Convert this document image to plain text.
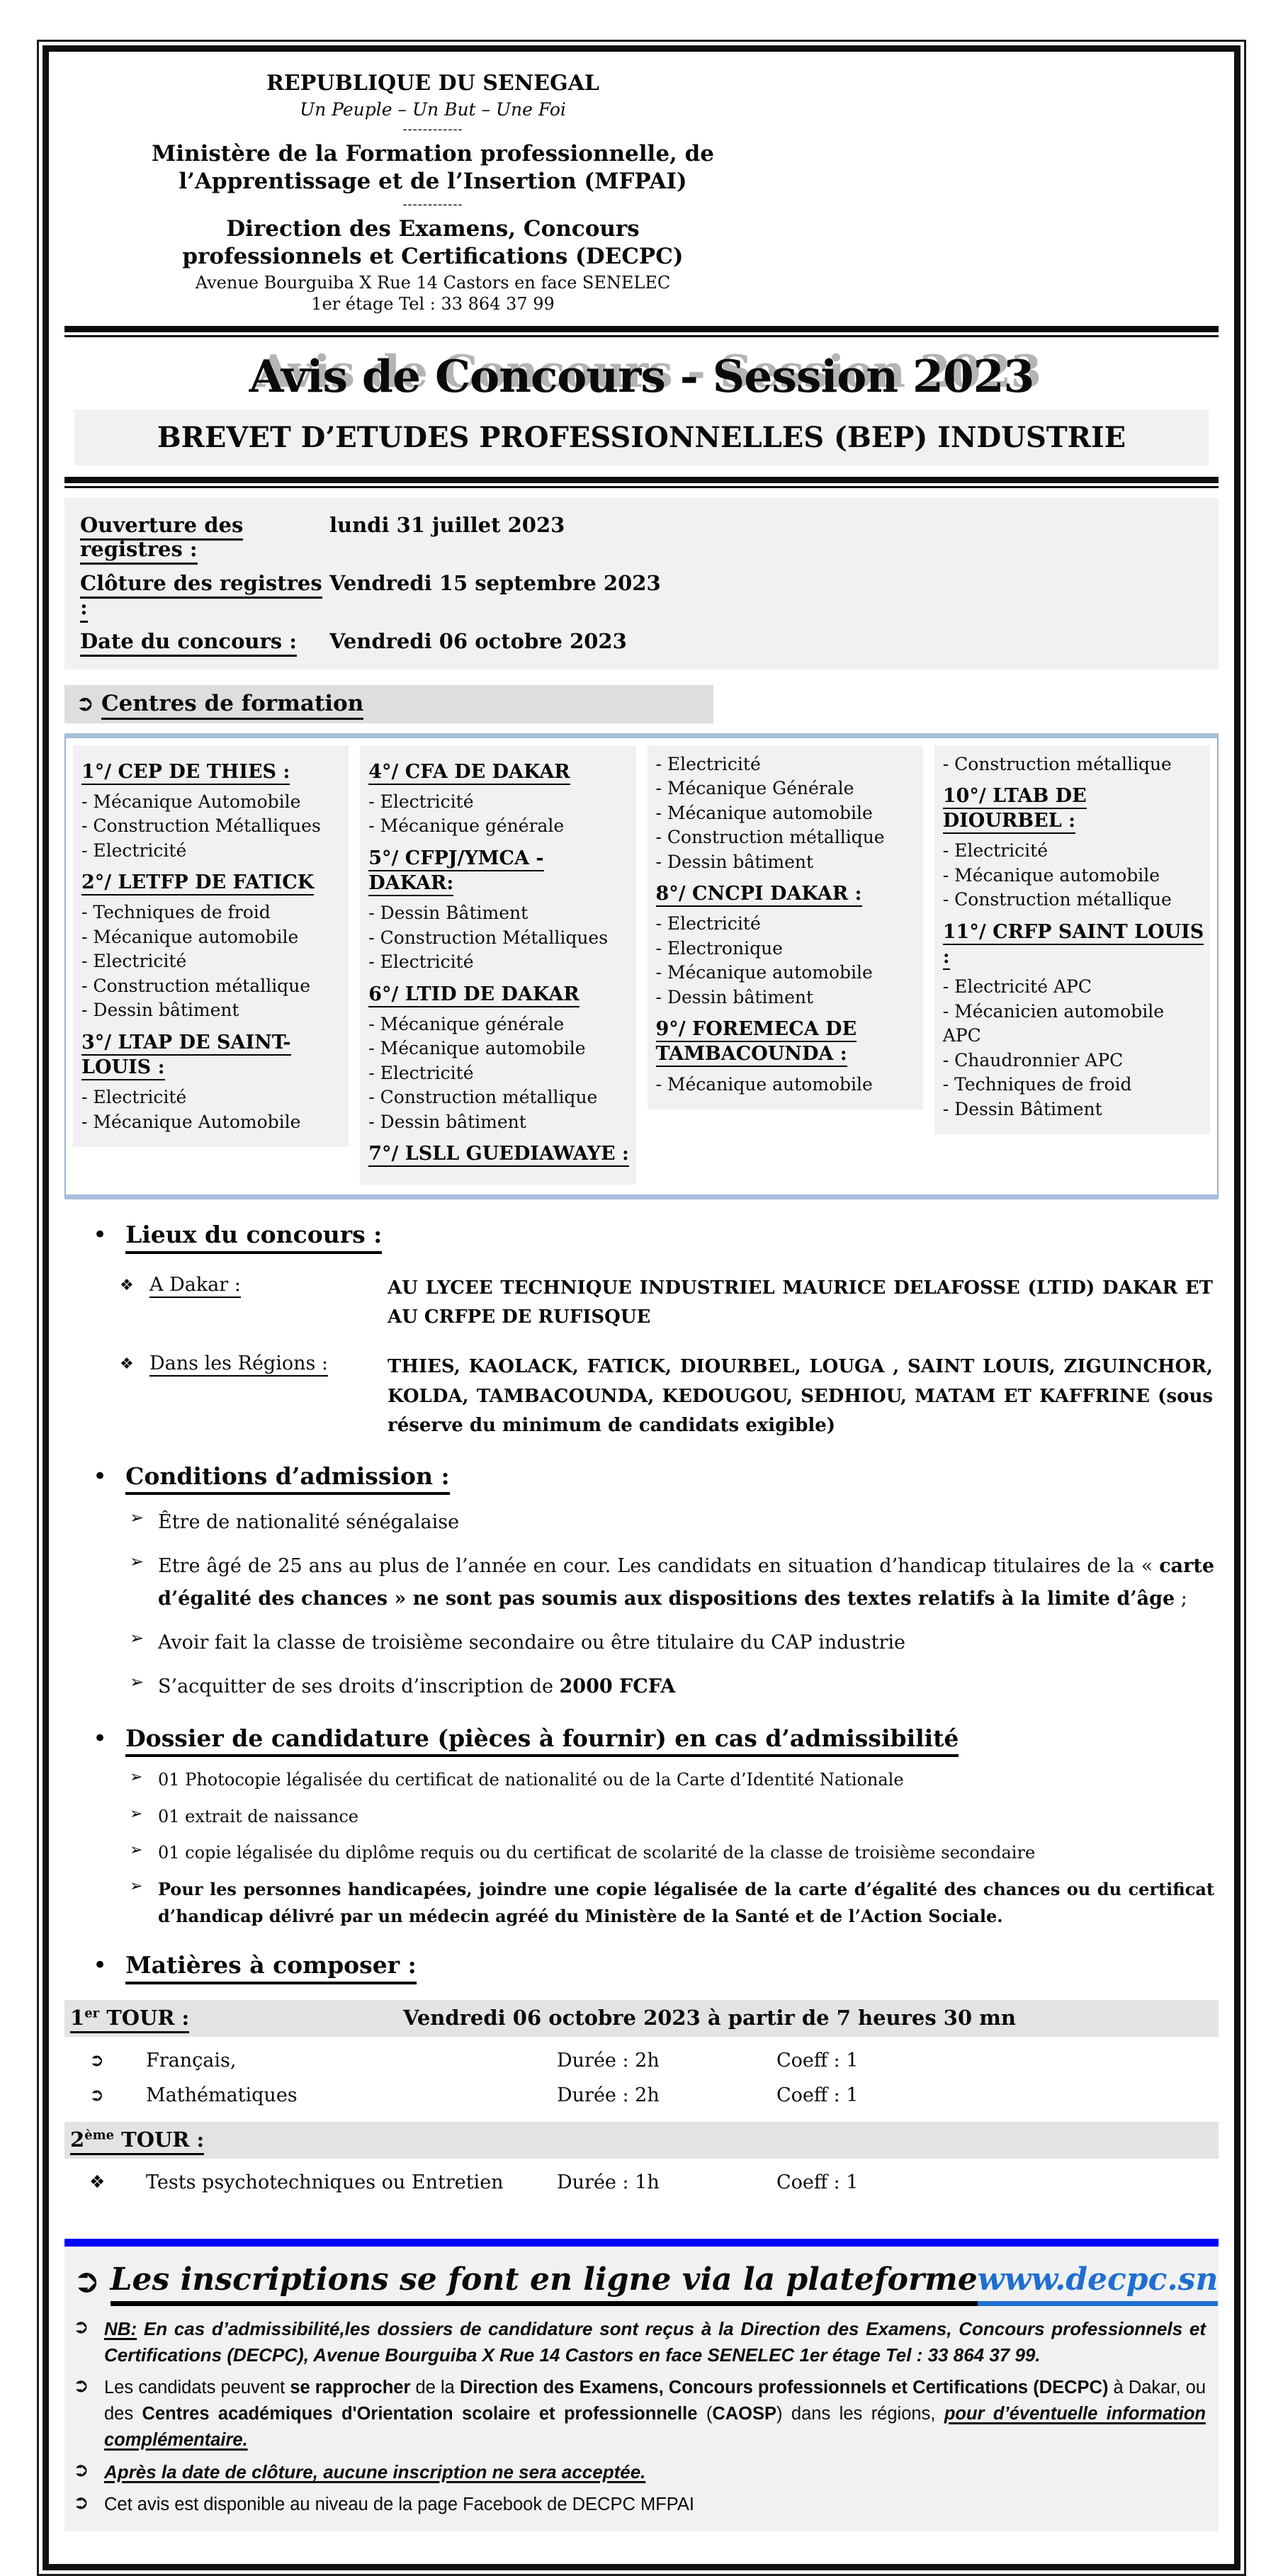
REPUBLIQUE DU SENEGAL
Un Peuple – Un But – Une Foi
------------
Ministère de la Formation professionnelle, de l’Apprentissage et de l’Insertion (MFPAI)
------------
Direction des Examens, Concours professionnels et Certifications (DECPC)
Avenue Bourguiba X Rue 14 Castors en face SENELEC
1er étage Tel : 33 864 37 99
Avis de Concours - Session 2023
BREVET D’ETUDES PROFESSIONNELLES (BEP) INDUSTRIE
Ouverture des registres :
lundi 31 juillet 2023
Clôture des registres :
Vendredi 15 septembre 2023
Date du concours :	Vendredi 06 octobre 2023
➲ Centres de formation
1°/ CEP DE THIES :
- Mécanique Automobile
- Construction Métalliques
- Electricité
2°/ LETFP DE FATICK
- Techniques de froid
- Mécanique automobile
- Electricité
- Construction métallique
- Dessin bâtiment
3°/ LTAP DE SAINT-LOUIS :
- Electricité
- Mécanique Automobile
4°/ CFA DE DAKAR
- Electricité
- Mécanique générale
5°/ CFPJ/YMCA - DAKAR:
- Dessin Bâtiment
- Construction Métalliques
- Electricité
6°/ LTID DE DAKAR
- Mécanique générale
- Mécanique automobile
- Electricité
- Construction métallique
- Dessin bâtiment
7°/ LSLL GUEDIAWAYE :
- Electricité
- Mécanique Générale
- Mécanique automobile
- Construction métallique
- Dessin bâtiment
8°/ CNCPI DAKAR :
- Electricité
- Electronique
- Mécanique automobile
- Dessin bâtiment
9°/ FOREMECA DE TAMBACOUNDA :
- Mécanique automobile
- Construction métallique
10°/ LTAB DE DIOURBEL :
- Electricité
- Mécanique automobile
- Construction métallique
11°/ CRFP SAINT LOUIS :
- Electricité APC
- Mécanicien automobile APC
- Chaudronnier APC
- Techniques de froid
- Dessin Bâtiment
• Lieux du concours :
❖ A Dakar :	AU LYCEE TECHNIQUE INDUSTRIEL MAURICE DELAFOSSE (LTID) DAKAR ET AU CRFPE DE RUFISQUE
❖ Dans les Régions :	THIES, KAOLACK, FATICK, DIOURBEL, LOUGA , SAINT LOUIS, ZIGUINCHOR, KOLDA, TAMBACOUNDA, KEDOUGOU, SEDHIOU, MATAM ET KAFFRINE (sous réserve du minimum de candidats exigible)
• Conditions d’admission :
➢ Être de nationalité sénégalaise
➢ Etre âgé de 25 ans au plus de l’année en cour. Les candidats en situation d’handicap titulaires de la « carte d’égalité des chances » ne sont pas soumis aux dispositions des textes relatifs à la limite d’âge ;
➢ Avoir fait la classe de troisième secondaire ou être titulaire du CAP industrie
➢ S’acquitter de ses droits d’inscription de 2000 FCFA
• Dossier de candidature (pièces à fournir) en cas d’admissibilité
➢ 01 Photocopie légalisée du certificat de nationalité ou de la Carte d’Identité Nationale
➢ 01 extrait de naissance
➢ 01 copie légalisée du diplôme requis ou du certificat de scolarité de la classe de troisième secondaire
➢ Pour les personnes handicapées, joindre une copie légalisée de la carte d’égalité des chances ou du certificat d’handicap délivré par un médecin agréé du Ministère de la Santé et de l’Action Sociale.
• Matières à composer :
1er TOUR :	Vendredi 06 octobre 2023 à partir de 7 heures 30 mn
➲	Français,	Durée : 2h	Coeff : 1
➲	Mathématiques	Durée : 2h	Coeff : 1
2ème TOUR :
❖	Tests psychotechniques ou Entretien	Durée : 1h	Coeff : 1
➲ Les inscriptions se font en ligne via la plateformewww.decpc.sn
➲ NB: En cas d’admissibilité,les dossiers de candidature sont reçus à la Direction des Examens, Concours professionnels et Certifications (DECPC), Avenue Bourguiba X Rue 14 Castors en face SENELEC 1er étage Tel : 33 864 37 99.
➲ Les candidats peuvent se rapprocher de la Direction des Examens, Concours professionnels et Certifications (DECPC) à Dakar, ou des Centres académiques d'Orientation scolaire et professionnelle (CAOSP) dans les régions, pour d’éventuelle information complémentaire.
➲ Après la date de clôture, aucune inscription ne sera acceptée.
➲ Cet avis est disponible au niveau de la page Facebook de DECPC MFPAI
